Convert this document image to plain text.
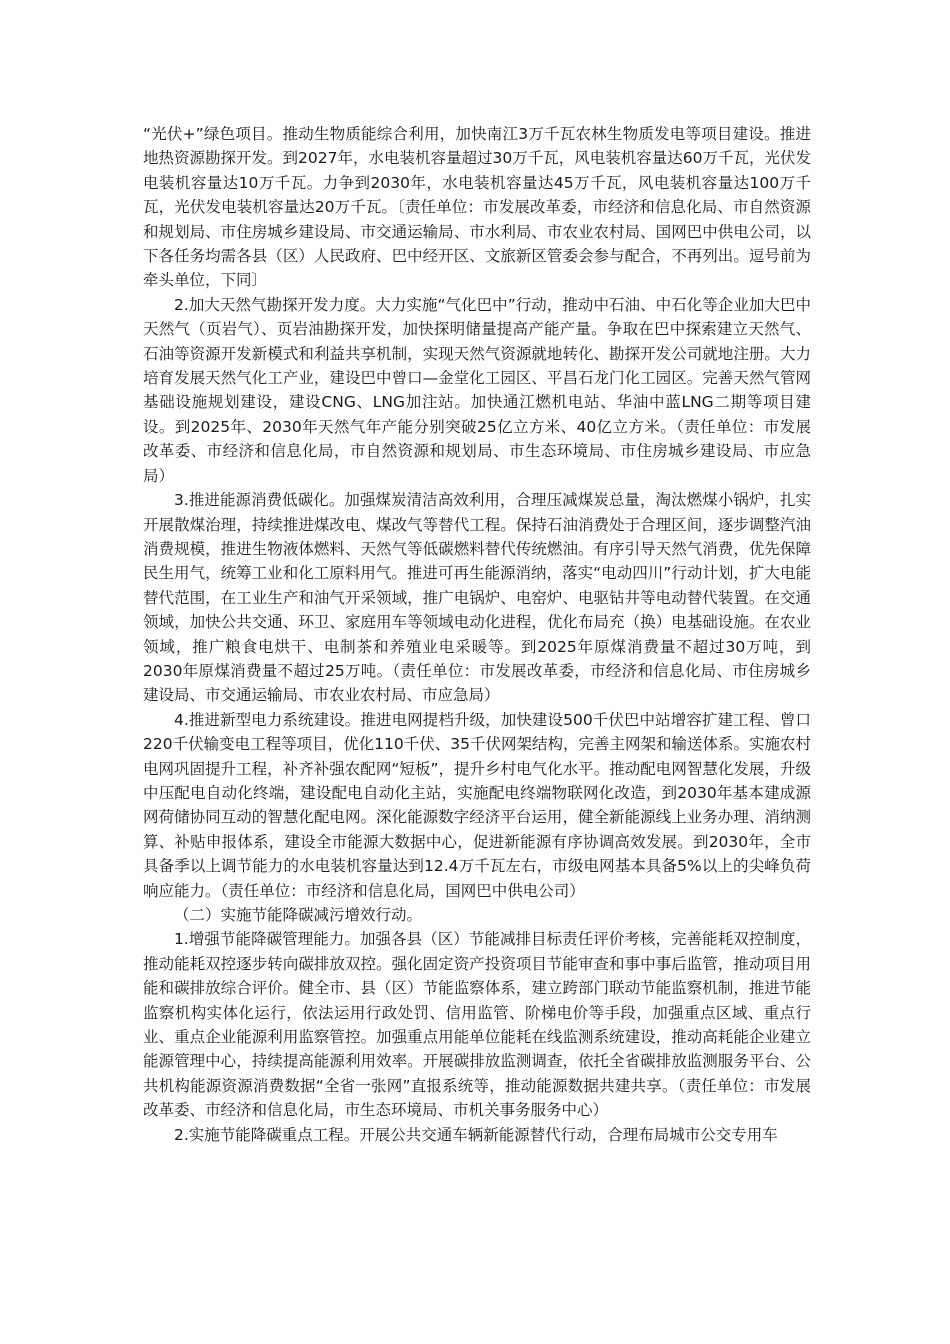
“光伏+”绿色项目。推动生物质能综合利用，加快南江3万千瓦农林生物质发电等项目建设。推进地热资源勘探开发。到2027年，水电装机容量超过30万千瓦，风电装机容量达60万千瓦，光伏发电装机容量达10万千瓦。力争到2030年，水电装机容量达45万千瓦，风电装机容量达100万千瓦，光伏发电装机容量达20万千瓦。〔责任单位：市发展改革委，市经济和信息化局、市自然资源和规划局、市住房城乡建设局、市交通运输局、市水利局、市农业农村局、国网巴中供电公司，以下各任务均需各县（区）人民政府、巴中经开区、文旅新区管委会参与配合，不再列出。逗号前为牵头单位，下同〕

2.加大天然气勘探开发力度。大力实施“气化巴中”行动，推动中石油、中石化等企业加大巴中天然气（页岩气）、页岩油勘探开发，加快探明储量提高产能产量。争取在巴中探索建立天然气、石油等资源开发新模式和利益共享机制，实现天然气资源就地转化、勘探开发公司就地注册。大力培育发展天然气化工产业，建设巴中曾口—金堂化工园区、平昌石龙门化工园区。完善天然气管网基础设施规划建设，建设CNG、LNG加注站。加快通江燃机电站、华油中蓝LNG二期等项目建设。到2025年、2030年天然气年产能分别突破25亿立方米、40亿立方米。（责任单位：市发展改革委、市经济和信息化局，市自然资源和规划局、市生态环境局、市住房城乡建设局、市应急局）

3.推进能源消费低碳化。加强煤炭清洁高效利用，合理压减煤炭总量，淘汰燃煤小锅炉，扎实开展散煤治理，持续推进煤改电、煤改气等替代工程。保持石油消费处于合理区间，逐步调整汽油消费规模，推进生物液体燃料、天然气等低碳燃料替代传统燃油。有序引导天然气消费，优先保障民生用气，统筹工业和化工原料用气。推进可再生能源消纳，落实“电动四川”行动计划，扩大电能替代范围，在工业生产和油气开采领域，推广电锅炉、电窑炉、电驱钻井等电动替代装置。在交通领域，加快公共交通、环卫、家庭用车等领域电动化进程，优化布局充（换）电基础设施。在农业领域，推广粮食电烘干、电制茶和养殖业电采暖等。到2025年原煤消费量不超过30万吨，到2030年原煤消费量不超过25万吨。（责任单位：市发展改革委，市经济和信息化局、市住房城乡建设局、市交通运输局、市农业农村局、市应急局）

4.推进新型电力系统建设。推进电网提档升级，加快建设500千伏巴中站增容扩建工程、曾口220千伏输变电工程等项目，优化110千伏、35千伏网架结构，完善主网架和输送体系。实施农村电网巩固提升工程，补齐补强农配网“短板”，提升乡村电气化水平。推动配电网智慧化发展，升级中压配电自动化终端，建设配电自动化主站，实施配电终端物联网化改造，到2030年基本建成源网荷储协同互动的智慧化配电网。深化能源数字经济平台运用，健全新能源线上业务办理、消纳测算、补贴申报体系，建设全市能源大数据中心，促进新能源有序协调高效发展。到2030年，全市具备季以上调节能力的水电装机容量达到12.4万千瓦左右，市级电网基本具备5%以上的尖峰负荷响应能力。（责任单位：市经济和信息化局，国网巴中供电公司）

（二）实施节能降碳减污增效行动。

1.增强节能降碳管理能力。加强各县（区）节能减排目标责任评价考核，完善能耗双控制度，推动能耗双控逐步转向碳排放双控。强化固定资产投资项目节能审查和事中事后监管，推动项目用能和碳排放综合评价。健全市、县（区）节能监察体系，建立跨部门联动节能监察机制，推进节能监察机构实体化运行，依法运用行政处罚、信用监管、阶梯电价等手段，加强重点区域、重点行业、重点企业能源利用监察管控。加强重点用能单位能耗在线监测系统建设，推动高耗能企业建立能源管理中心，持续提高能源利用效率。开展碳排放监测调查，依托全省碳排放监测服务平台、公共机构能源资源消费数据“全省一张网”直报系统等，推动能源数据共建共享。（责任单位：市发展改革委、市经济和信息化局，市生态环境局、市机关事务服务中心）

2.实施节能降碳重点工程。开展公共交通车辆新能源替代行动，合理布局城市公交专用车
